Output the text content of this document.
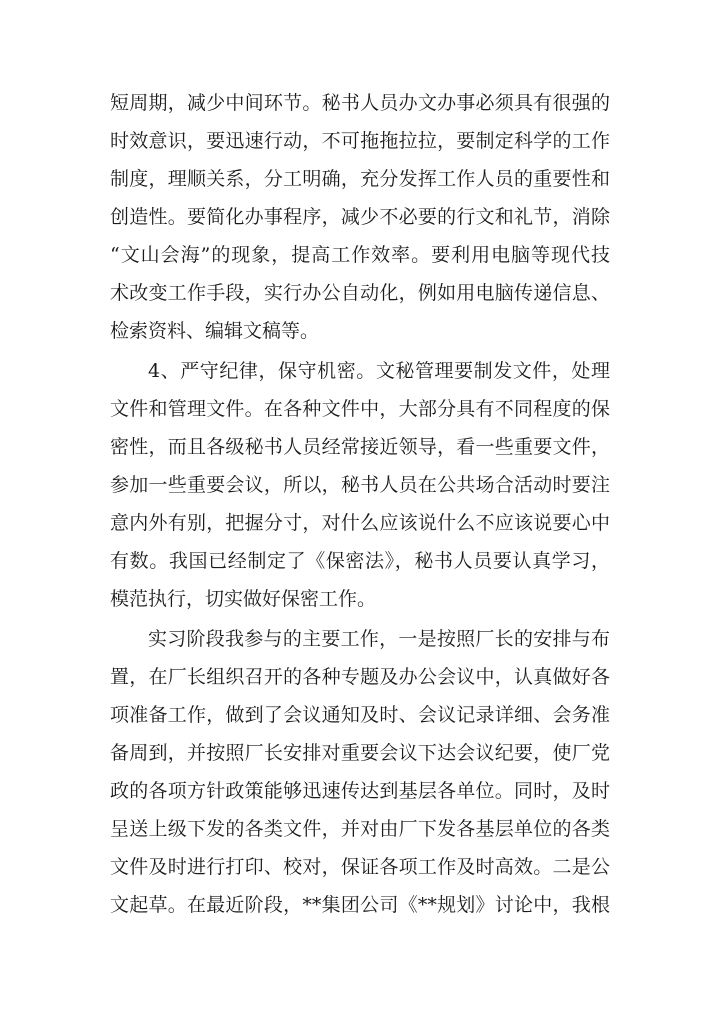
短周期，减少中间环节。秘书人员办文办事必须具有很强的
时效意识，要迅速行动，不可拖拖拉拉，要制定科学的工作
制度，理顺关系，分工明确，充分发挥工作人员的重要性和
创造性。要简化办事程序，减少不必要的行文和礼节，消除
“文山会海”的现象，提高工作效率。要利用电脑等现代技
术改变工作手段，实行办公自动化，例如用电脑传递信息、
检索资料、编辑文稿等。
4、严守纪律，保守机密。文秘管理要制发文件，处理
文件和管理文件。在各种文件中，大部分具有不同程度的保
密性，而且各级秘书人员经常接近领导，看一些重要文件，
参加一些重要会议，所以，秘书人员在公共场合活动时要注
意内外有别，把握分寸，对什么应该说什么不应该说要心中
有数。我国已经制定了《保密法》，秘书人员要认真学习，
模范执行，切实做好保密工作。
实习阶段我参与的主要工作，一是按照厂长的安排与布
置，在厂长组织召开的各种专题及办公会议中，认真做好各
项准备工作，做到了会议通知及时、会议记录详细、会务准
备周到，并按照厂长安排对重要会议下达会议纪要，使厂党
政的各项方针政策能够迅速传达到基层各单位。同时，及时
呈送上级下发的各类文件，并对由厂下发各基层单位的各类
文件及时进行打印、校对，保证各项工作及时高效。二是公
文起草。在最近阶段，**集团公司《**规划》讨论中，我根
